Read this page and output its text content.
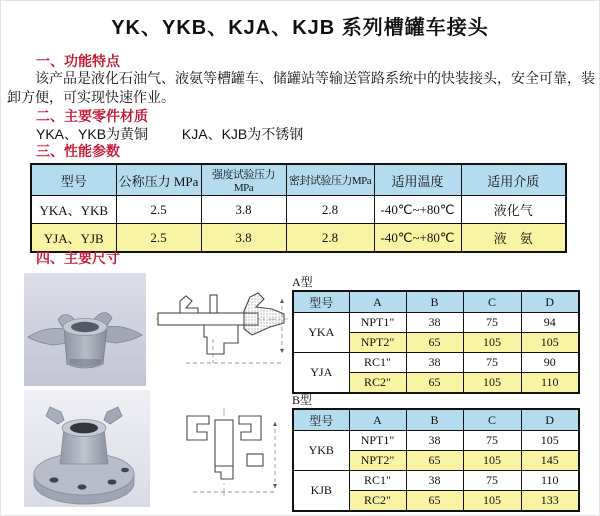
YK、YKB、KJA、KJB 系列槽罐车接头
一、功能特点
该产品是液化石油气、液氨等槽罐车、储罐站等输送管路系统中的快装接头，安全可靠，装卸方便，可实现快速作业。
二、主要零件材质
YKA、YKB为黄铜 KJA、KJB为不锈钢
三、性能参数
型号	公称压力 MPa	强度试验压力MPa	密封试验压力MPa	适用温度	适用介质
YKA、YKB	2.5	3.8	2.8	-40℃~+80℃	液化气
YJA、YJB	2.5	3.8	2.8	-40℃~+80℃	液　氨
四、主要尺寸
A型
型号	A	B	C	D
YKA	NPT1"	38	75	94
	NPT2"	65	105	105
YJA	RC1"	38	75	90
	RC2"	65	105	110
B型
型号	A	B	C	D
YKB	NPT1"	38	75	105
	NPT2"	65	105	145
KJB	RC1"	38	75	110
	RC2"	65	105	133
